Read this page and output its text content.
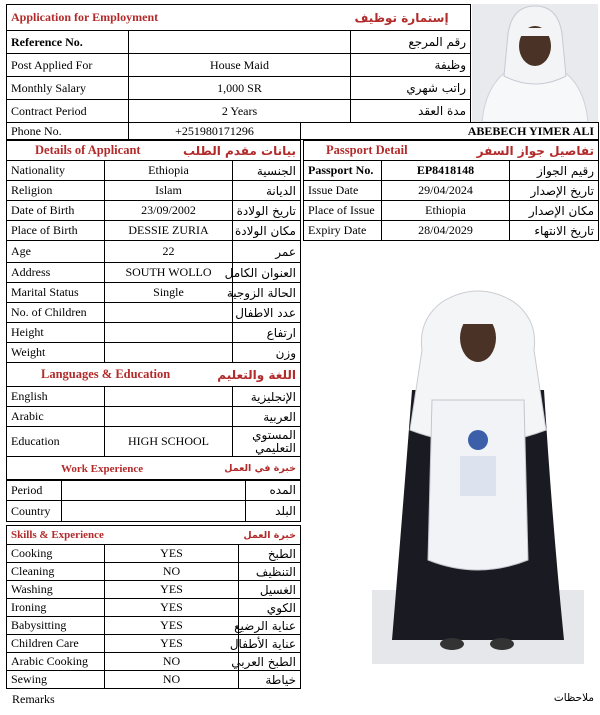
Application for Employment		إستمارة توظيف
Reference No.		رقم المرجع
Post Applied For	House Maid	وظيفة
Monthly Salary	1,000 SR	راتب شهري
Contract Period	2 Years	مدة العقد
Phone No.	+251980171296	ABEBECH YIMER ALI
Details of Applicant		بيانات مقدم الطلب
Nationality	Ethiopia	الجنسية
Religion	Islam	الديانة
Date of Birth	23/09/2002	تاريخ الولادة
Place of Birth	DESSIE ZURIA	مكان الولادة
Age	22	عمر
Address	SOUTH WOLLO	العنوان الكامل
Marital Status	Single	الحالة الزوجية
No. of Children		عدد الاطفال
Height		ارتفاع
Weight		وزن
Languages & Education		اللغة والتعليم
English		الإنجليزية
Arabic		العربية
Education	HIGH SCHOOL	المستوي التعليمي
Work Experience		خبرة في العمل
Period		المده
Country		البلد
Skills & Experience		خبرة العمل
Cooking	YES	الطبخ
Cleaning	NO	التنظيف
Washing	YES	الغسيل
Ironing	YES	الكوي
Babysitting	YES	عناية الرضيع
Children Care	YES	عناية الأطفال
Arabic Cooking	NO	الطبخ العربي
Sewing	NO	خياطة
Passport Detail		تفاصيل جواز السفر
Passport No.	EP8418148	رقيم الجواز
Issue Date	29/04/2024	تاريخ الإصدار
Place of Issue	Ethiopia	مكان الإصدار
Expiry Date	28/04/2029	تاريخ الانتهاء
Remarks	ملاحظات
